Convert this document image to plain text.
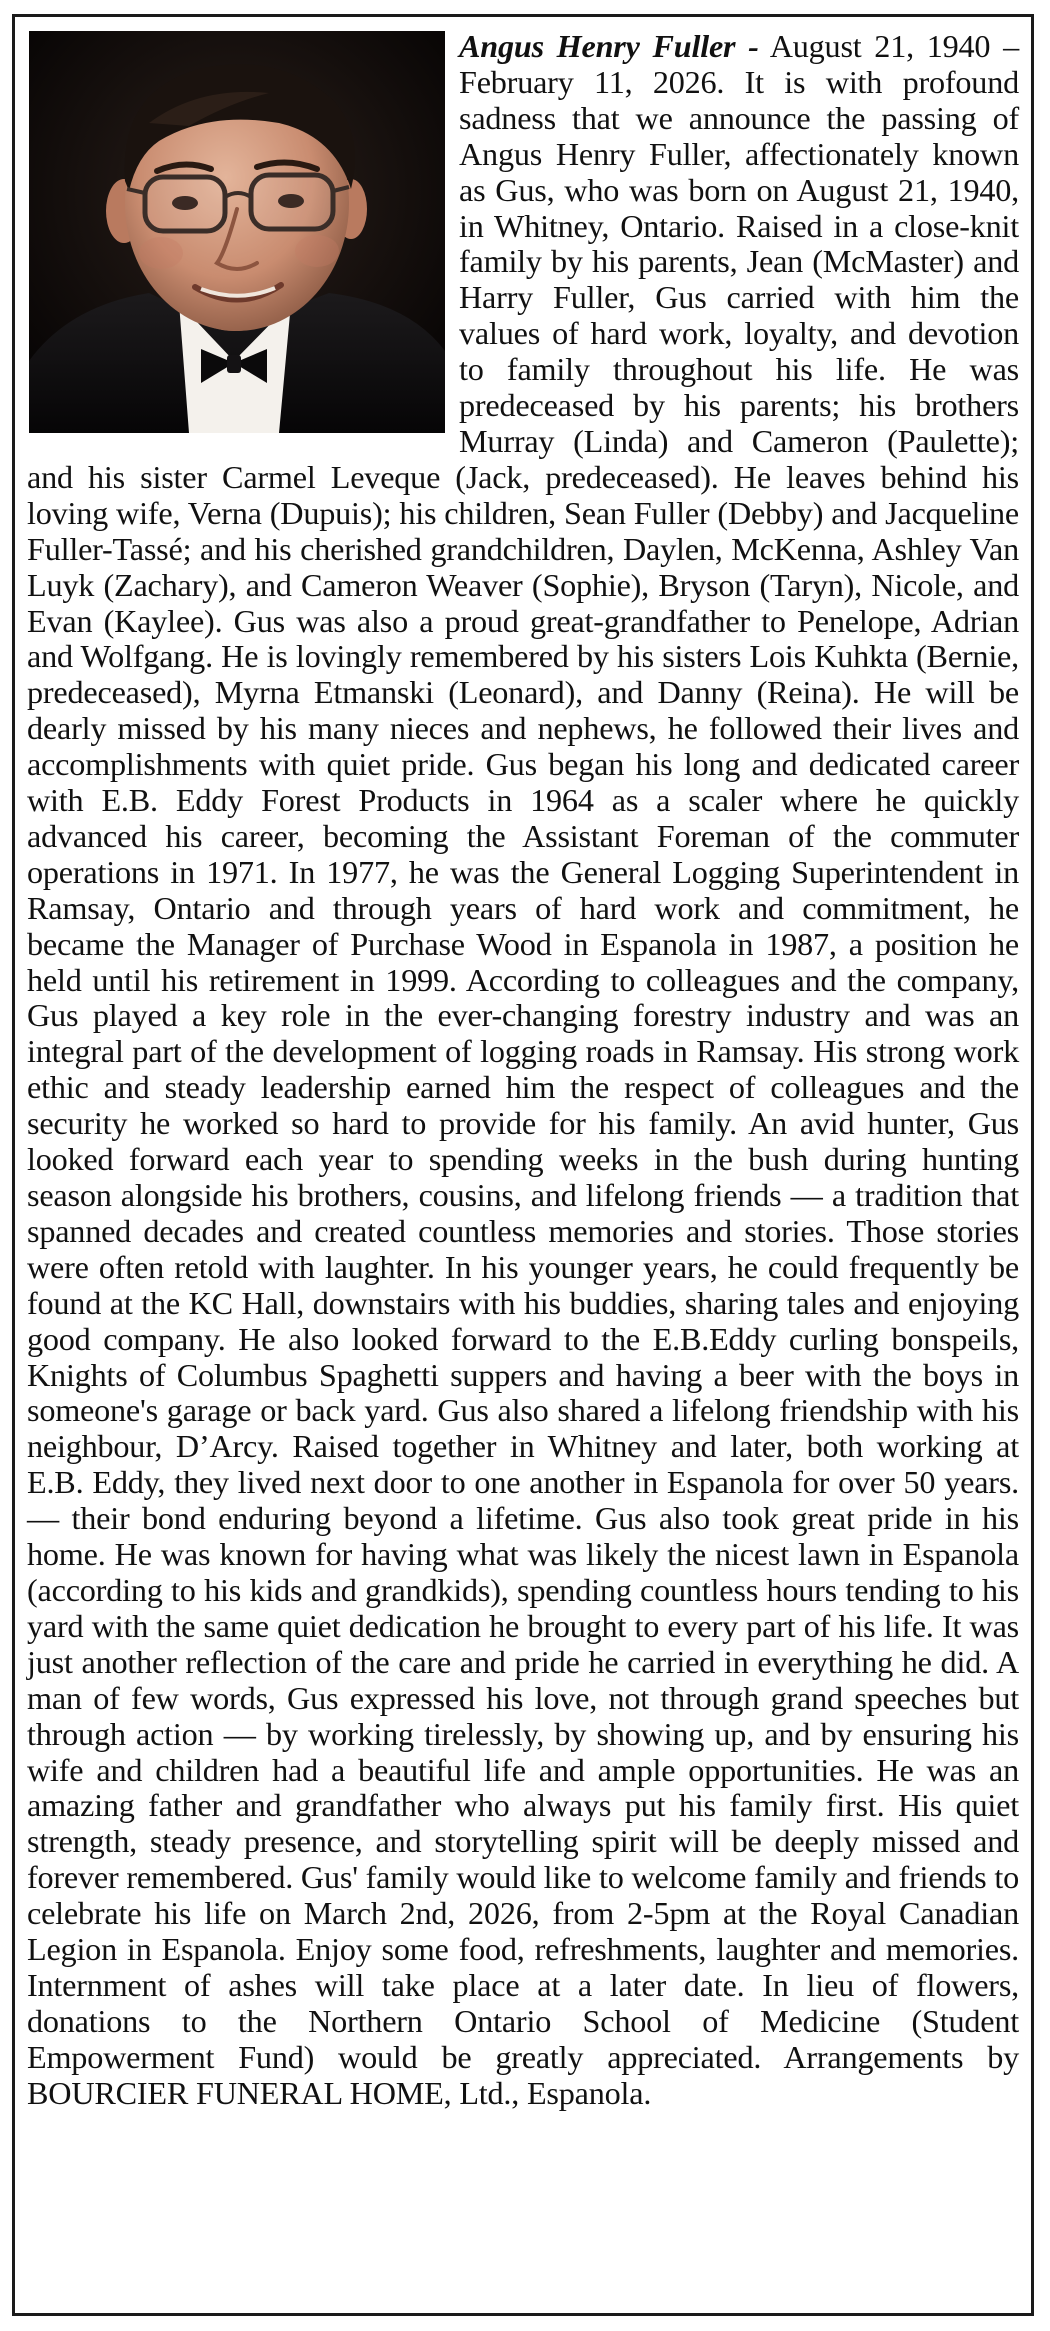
Angus Henry Fuller - August 21, 1940 – February 11, 2026. It is with profound sadness that we announce the passing of Angus Henry Fuller, affectionately known as Gus, who was born on August 21, 1940, in Whitney, Ontario. Raised in a close-knit family by his parents, Jean (McMaster) and Harry Fuller, Gus carried with him the values of hard work, loyalty, and devotion to family throughout his life. He was predeceased by his parents; his brothers Murray (Linda) and Cameron (Paulette); and his sister Carmel Leveque (Jack, predeceased). He leaves behind his loving wife, Verna (Dupuis); his children, Sean Fuller (Debby) and Jacqueline Fuller-Tassé; and his cherished grandchildren, Daylen, McKenna, Ashley Van Luyk (Zachary), and Cameron Weaver (Sophie), Bryson (Taryn), Nicole, and Evan (Kaylee). Gus was also a proud great-grandfather to Penelope, Adrian and Wolfgang. He is lovingly remembered by his sisters Lois Kuhkta (Bernie, predeceased), Myrna Etmanski (Leonard), and Danny (Reina). He will be dearly missed by his many nieces and nephews, he followed their lives and accomplishments with quiet pride. Gus began his long and dedicated career with E.B. Eddy Forest Products in 1964 as a scaler where he quickly advanced his career, becoming the Assistant Foreman of the commuter operations in 1971. In 1977, he was the General Logging Superintendent in Ramsay, Ontario and through years of hard work and commitment, he became the Manager of Purchase Wood in Espanola in 1987, a position he held until his retirement in 1999. According to colleagues and the company, Gus played a key role in the ever-changing forestry industry and was an integral part of the development of logging roads in Ramsay. His strong work ethic and steady leadership earned him the respect of colleagues and the security he worked so hard to provide for his family. An avid hunter, Gus looked forward each year to spending weeks in the bush during hunting season alongside his brothers, cousins, and lifelong friends — a tradition that spanned decades and created countless memories and stories. Those stories were often retold with laughter. In his younger years, he could frequently be found at the KC Hall, downstairs with his buddies, sharing tales and enjoying good company. He also looked forward to the E.B.Eddy curling bonspeils, Knights of Columbus Spaghetti suppers and having a beer with the boys in someone's garage or back yard. Gus also shared a lifelong friendship with his neighbour, D’Arcy. Raised together in Whitney and later, both working at E.B. Eddy, they lived next door to one another in Espanola for over 50 years. — their bond enduring beyond a lifetime. Gus also took great pride in his home. He was known for having what was likely the nicest lawn in Espanola (according to his kids and grandkids), spending countless hours tending to his yard with the same quiet dedication he brought to every part of his life. It was just another reflection of the care and pride he carried in everything he did. A man of few words, Gus expressed his love, not through grand speeches but through action — by working tirelessly, by showing up, and by ensuring his wife and children had a beautiful life and ample opportunities. He was an amazing father and grandfather who always put his family first. His quiet strength, steady presence, and storytelling spirit will be deeply missed and forever remembered. Gus' family would like to welcome family and friends to celebrate his life on March 2nd, 2026, from 2-5pm at the Royal Canadian Legion in Espanola. Enjoy some food, refreshments, laughter and memories. Internment of ashes will take place at a later date. In lieu of flowers, donations to the Northern Ontario School of Medicine (Student Empowerment Fund) would be greatly appreciated. Arrangements by BOURCIER FUNERAL HOME, Ltd., Espanola.
